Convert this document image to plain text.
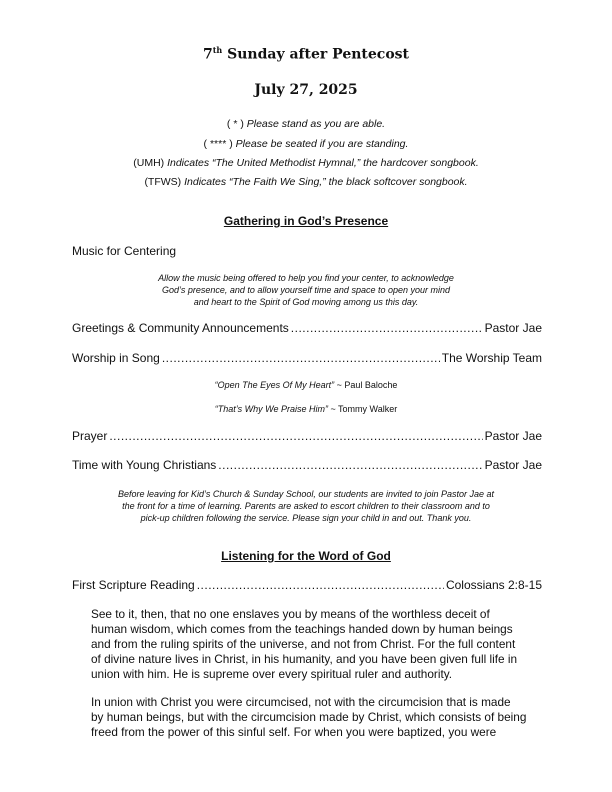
7th Sunday after Pentecost
July 27, 2025
( * ) Please stand as you are able.
( **** ) Please be seated if you are standing.
(UMH) Indicates “The United Methodist Hymnal,” the hardcover songbook.
(TFWS) Indicates “The Faith We Sing,” the black softcover songbook.
Gathering in God’s Presence
Music for Centering
Allow the music being offered to help you find your center, to acknowledge
God’s presence, and to allow yourself time and space to open your mind
and heart to the Spirit of God moving among us this day.
Greetings & Community Announcements .....	Pastor Jae
Worship in Song .....	The Worship Team
“Open The Eyes Of My Heart” ~ Paul Baloche
“That’s Why We Praise Him” ~ Tommy Walker
Prayer .....	Pastor Jae
Time with Young Christians .....	Pastor Jae
Before leaving for Kid’s Church & Sunday School, our students are invited to join Pastor Jae at
the front for a time of learning. Parents are asked to escort children to their classroom and to
pick-up children following the service. Please sign your child in and out. Thank you.
Listening for the Word of God
First Scripture Reading .....	Colossians 2:8-15
See to it, then, that no one enslaves you by means of the worthless deceit of
human wisdom, which comes from the teachings handed down by human beings
and from the ruling spirits of the universe, and not from Christ. For the full content
of divine nature lives in Christ, in his humanity, and you have been given full life in
union with him. He is supreme over every spiritual ruler and authority.
In union with Christ you were circumcised, not with the circumcision that is made
by human beings, but with the circumcision made by Christ, which consists of being
freed from the power of this sinful self. For when you were baptized, you were
